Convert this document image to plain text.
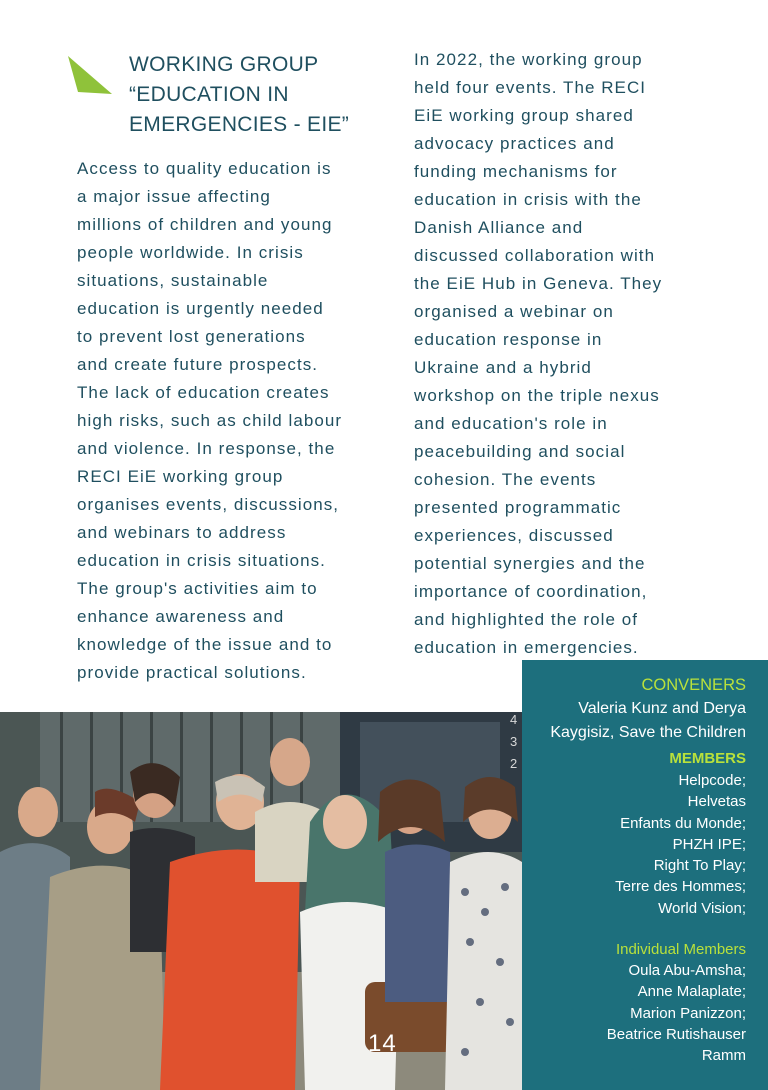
WORKING GROUP
“EDUCATION IN
EMERGENCIES - EIE”

Access to quality education is
a major issue affecting
millions of children and young
people worldwide. In crisis
situations, sustainable
education is urgently needed
to prevent lost generations
and create future prospects.
The lack of education creates
high risks, such as child labour
and violence. In response, the
RECI EiE working group
organises events, discussions,
and webinars to address
education in crisis situations.
The group's activities aim to
enhance awareness and
knowledge of the issue and to
provide practical solutions.

In 2022, the working group
held four events. The RECI
EiE working group shared
advocacy practices and
funding mechanisms for
education in crisis with the
Danish Alliance and
discussed collaboration with
the EiE Hub in Geneva. They
organised a webinar on
education response in
Ukraine and a hybrid
workshop on the triple nexus
and education's role in
peacebuilding and social
cohesion. The events
presented programmatic
experiences, discussed
potential synergies and the
importance of coordination,
and highlighted the role of
education in emergencies.

4
3
2
14
CONVENERS
Valeria Kunz and Derya
Kaygisiz, Save the Children
MEMBERS
Helpcode;
Helvetas
Enfants du Monde;
PHZH IPE;
Right To Play;
Terre des Hommes;
World Vision;
Individual Members
Oula Abu-Amsha;
Anne Malaplate;
Marion Panizzon;
Beatrice Rutishauser
Ramm
